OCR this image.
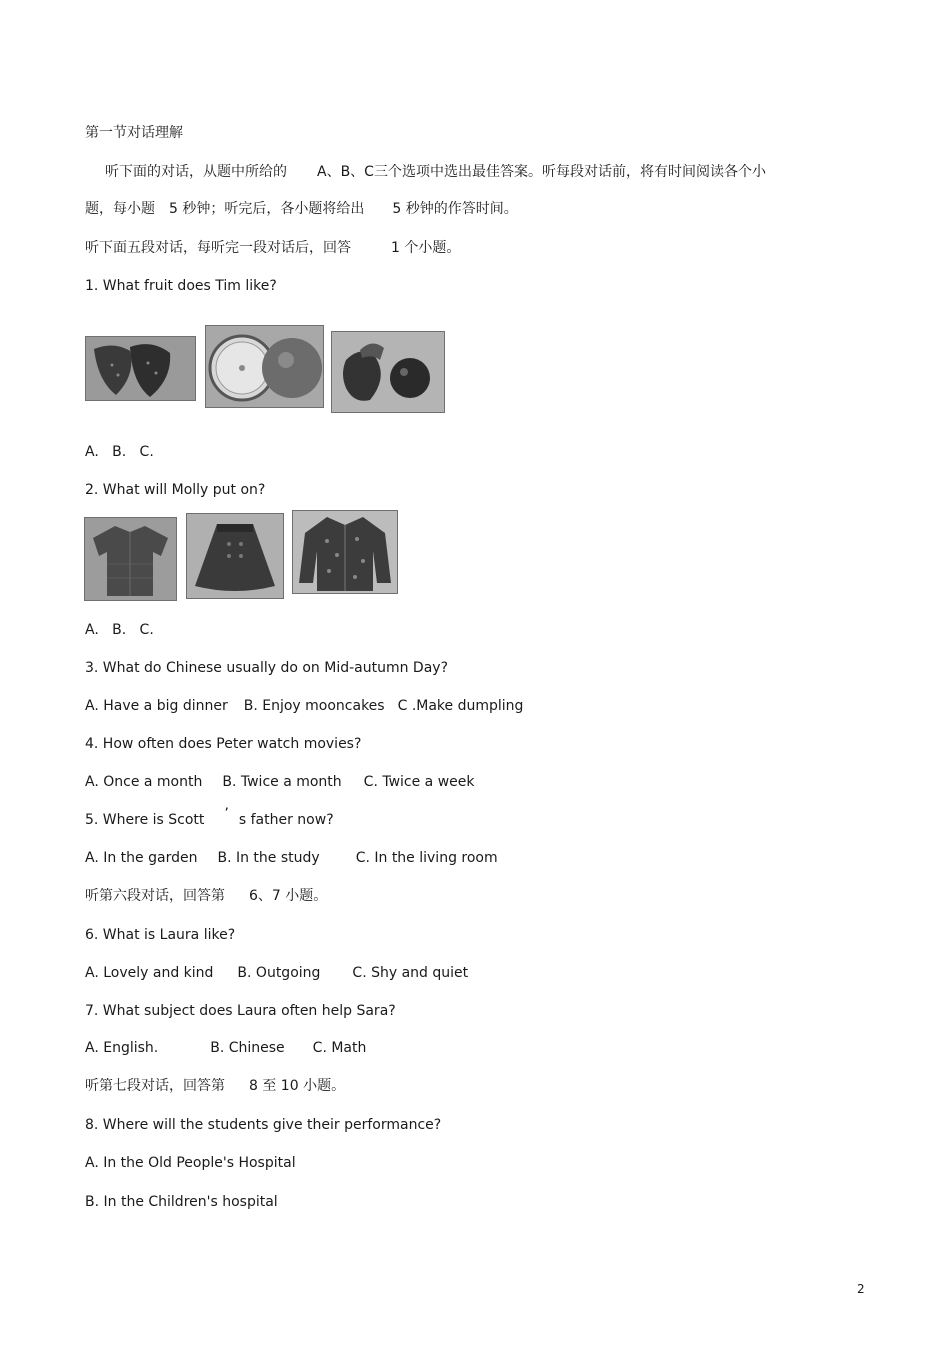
第一节对话理解
听下面的对话，从题中所给的 A、B、C三个选项中选出最佳答案。听每段对话前，将有时间阅读各个小
题，每小题 5 秒钟；听完后，各小题将给出 5 秒钟的作答时间。
听下面五段对话，每听完一段对话后，回答	1 个小题。
1. What fruit does Tim like?
A.   B.   C.
2. What will Molly put on?
A.   B.   C.
3. What do Chinese usually do on Mid-autumn Day?
A. Have a big dinner B. Enjoy mooncakes C .Make dumpling
4. How often does Peter watch movies?
A. Once a month B. Twice a month C. Twice a week
5. Where is Scott ’ s father now?
A. In the garden B. In the study	C. In the living room
听第六段对话，回答第 6、7 小题。
6. What is Laura like?
A. Lovely and kind B. Outgoing C. Shy and quiet
7. What subject does Laura often help Sara?
A. English.	B. Chinese C. Math
听第七段对话，回答第 8 至 10 小题。
8. Where will the students give their performance?
A. In the Old People's Hospital
B. In the Children's hospital
2
